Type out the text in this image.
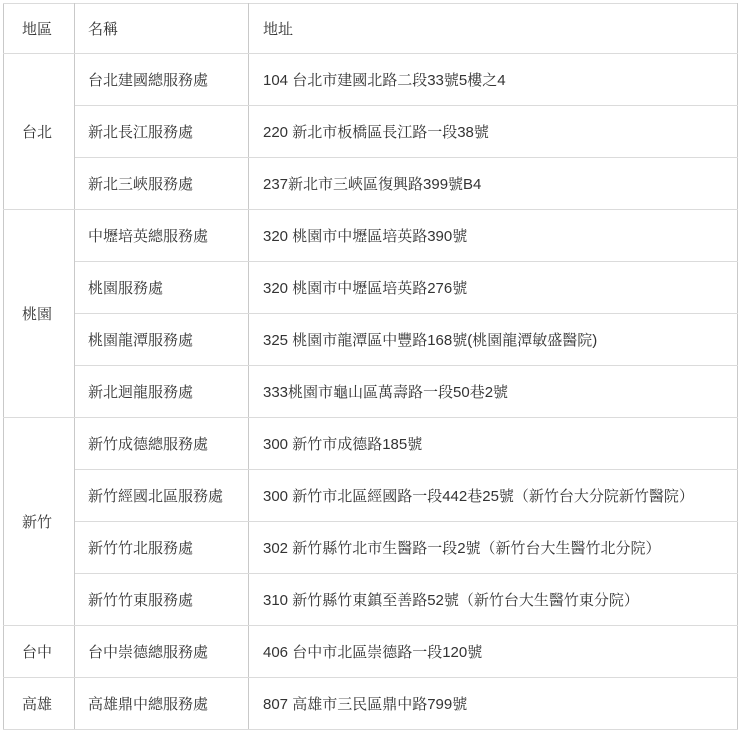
地區	名稱	地址
台北	台北建國總服務處	104 台北市建國北路二段33號5樓之4
	新北長江服務處	220 新北市板橋區長江路一段38號
	新北三峽服務處	237新北市三峽區復興路399號B4
桃園	中壢培英總服務處	320 桃園市中壢區培英路390號
	桃園服務處	320 桃園市中壢區培英路276號
	桃園龍潭服務處	325 桃園市龍潭區中豐路168號(桃園龍潭敏盛醫院)
	新北迴龍服務處	333桃園市龜山區萬壽路一段50巷2號
新竹	新竹成德總服務處	300 新竹市成德路185號
	新竹經國北區服務處	300 新竹市北區經國路一段442巷25號（新竹台大分院新竹醫院）
	新竹竹北服務處	302 新竹縣竹北市生醫路一段2號（新竹台大生醫竹北分院）
	新竹竹東服務處	310 新竹縣竹東鎮至善路52號（新竹台大生醫竹東分院）
台中	台中崇德總服務處	406 台中市北區崇德路一段120號
高雄	高雄鼎中總服務處	807 高雄市三民區鼎中路799號
